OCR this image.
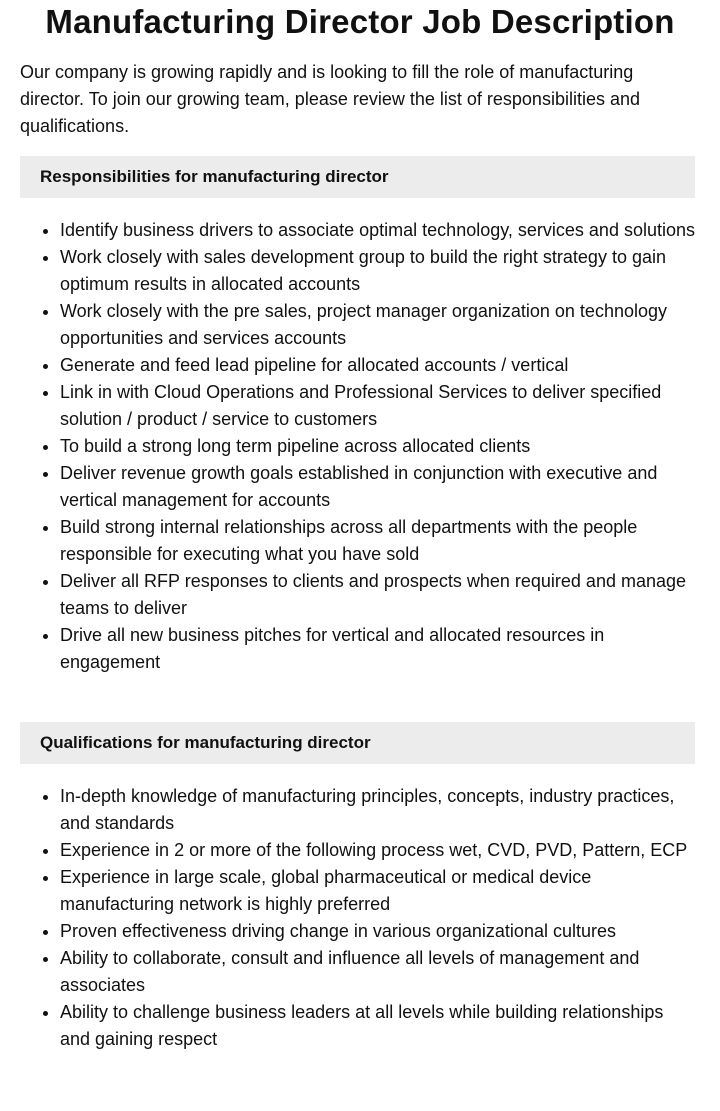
Manufacturing Director Job Description

Our company is growing rapidly and is looking to fill the role of manufacturing director. To join our growing team, please review the list of responsibilities and qualifications.

Responsibilities for manufacturing director
• Identify business drivers to associate optimal technology, services and solutions
• Work closely with sales development group to build the right strategy to gain optimum results in allocated accounts
• Work closely with the pre sales, project manager organization on technology opportunities and services accounts
• Generate and feed lead pipeline for allocated accounts / vertical
• Link in with Cloud Operations and Professional Services to deliver specified solution / product / service to customers
• To build a strong long term pipeline across allocated clients
• Deliver revenue growth goals established in conjunction with executive and vertical management for accounts
• Build strong internal relationships across all departments with the people responsible for executing what you have sold
• Deliver all RFP responses to clients and prospects when required and manage teams to deliver
• Drive all new business pitches for vertical and allocated resources in engagement
Qualifications for manufacturing director
• In-depth knowledge of manufacturing principles, concepts, industry practices, and standards
• Experience in 2 or more of the following process wet, CVD, PVD, Pattern, ECP
• Experience in large scale, global pharmaceutical or medical device manufacturing network is highly preferred
• Proven effectiveness driving change in various organizational cultures
• Ability to collaborate, consult and influence all levels of management and associates
• Ability to challenge business leaders at all levels while building relationships and gaining respect
